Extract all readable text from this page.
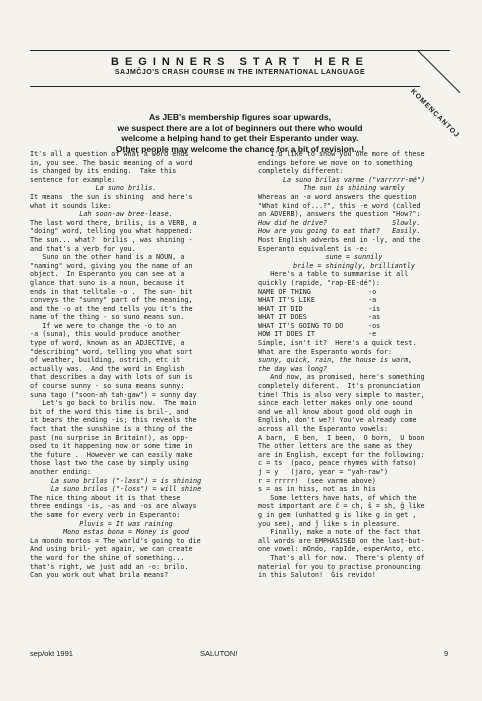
BEGINNERS START HERE
SAJMĈJO'S CRASH COURSE IN THE INTERNATIONAL LANGUAGE
KOMENCANTOJ
As JEB's membership figures soar upwards,
we suspect there are a lot of beginners out there who would
welcome a helping hand to get their Esperanto under way.
Other people may welcome the chance for a bit of revision...!

It's all a question of what a word ends

in, you see. The basic meaning of a word

is changed by its ending.  Take this

sentence for example:

La suno brilis.

It means  the sun is shining  and here's

what it sounds like:

Lah soon-aw bree-lease.

The last word there, brilis, is a VERB, a

"doing" word, telling you what happened:

The sun... what?  brilis , was shining -

and that's a verb for you.

Suno on the other hand is a NOUN, a

"naming" word, giving you the name of an

object.  In Esperanto you can see at a

glance that suno is a noun, because it

ends in that telltale -o .  The sun- bit

conveys the "sunny" part of the meaning,

and the -o at the end tells you it's the

name of the thing - so suno means sun.

If we were to change the -o to an

-a (suna), this would produce another

type of word, known as an ADJECTIVE, a

"describing" word, telling you what sort

of weather, building, ostrich, etc it

actually was.  And the word in English

that describes a day with lots of sun is

of course sunny - so suna means sunny:

suna tago ("soon-ah tah-gaw") = sunny day

Let's go back to brilis now.  The main

bit of the word this time is bril-, and

it bears the ending -is; this reveals the

fact that the sunshine is a thing of the

past (no surprise in Britain!), as opp-

osed to it happening now or some time in

the future .  However we can easily make

those last two the case by simply using

another ending:

La suno brilas ("-lass") = is shining

La suno brilos ("-loss") = will shine

The nice thing about it is that these

three endings -is, -as and -os are always

the same for every verb in Esperanto:

Pluvis = It was raining

Mono estas bona = Money is good

La mondo mortos = The world's going to die

And using bril- yet again, we can create

the word for the shine of something...

that's right, we just add an -o: brilo.

Can you work out what brila means?

I'd like to show you one more of these

endings before we move on to something

completely different:

La suno brilas varme ("varrrrr-mé")

The sun is shining warmly

Whereas an -a word answers the question

"What kind of...?", this -e word (called

an ADVERB), answers the question "How?":

How did he drive?                Slowly.

How are you going to eat that?   Easily.

Most English adverbs end in -ly, and the

Esperanto equivalent is -e:

sune = sunnily

brile = shiningly, brilliantly

Here's a table to summarise it all

quickly (rapide, "rap-EE-dé"):

NAME OF THING	-o
WHAT IT'S LIKE	-a
WHAT IT DID	-is
WHAT IT DOES	-as
WHAT IT'S GOING TO DO	-os
HOW IT DOES IT	-e

Simple, isn't it?  Here's a quick test.

What are the Esperanto words for:

sunny, quick, rain, the house is warm,

the day was long?

And now, as promised, here's something

completely diferent.  It's pronunciation

time! This is also very simple to master,

since each letter makes only one sound

and we all know about good old ough in

English, don't we?! You've already come

across all the Esperanto vowels:

A barn,  E ben,  I been,  O born,  U boon

The other letters are the same as they

are in English, except for the following:

c = ts  (paco, peace rhymes with fatso)

j = y   (jaro, year = "yah-raw")

r = rrrrr!  (see varme above)

s = as in hiss, not as in his

Some letters have hats, of which the

most important are ĉ = ch, ŝ = sh, ĝ like

g in gem (unhatted g is like g in get ,

you see), and ĵ like s in pleasure.

Finally, make a note of the fact that

all words are EMPHASISED on the last-but-

one vowel: mOndo, rapIde, esperAnto, etc.

That's all for now.  There's plenty of

material for you to practise pronouncing

in this Saluton!  Ĝis revido!

sep/okt 1991	SALUTON!	9
